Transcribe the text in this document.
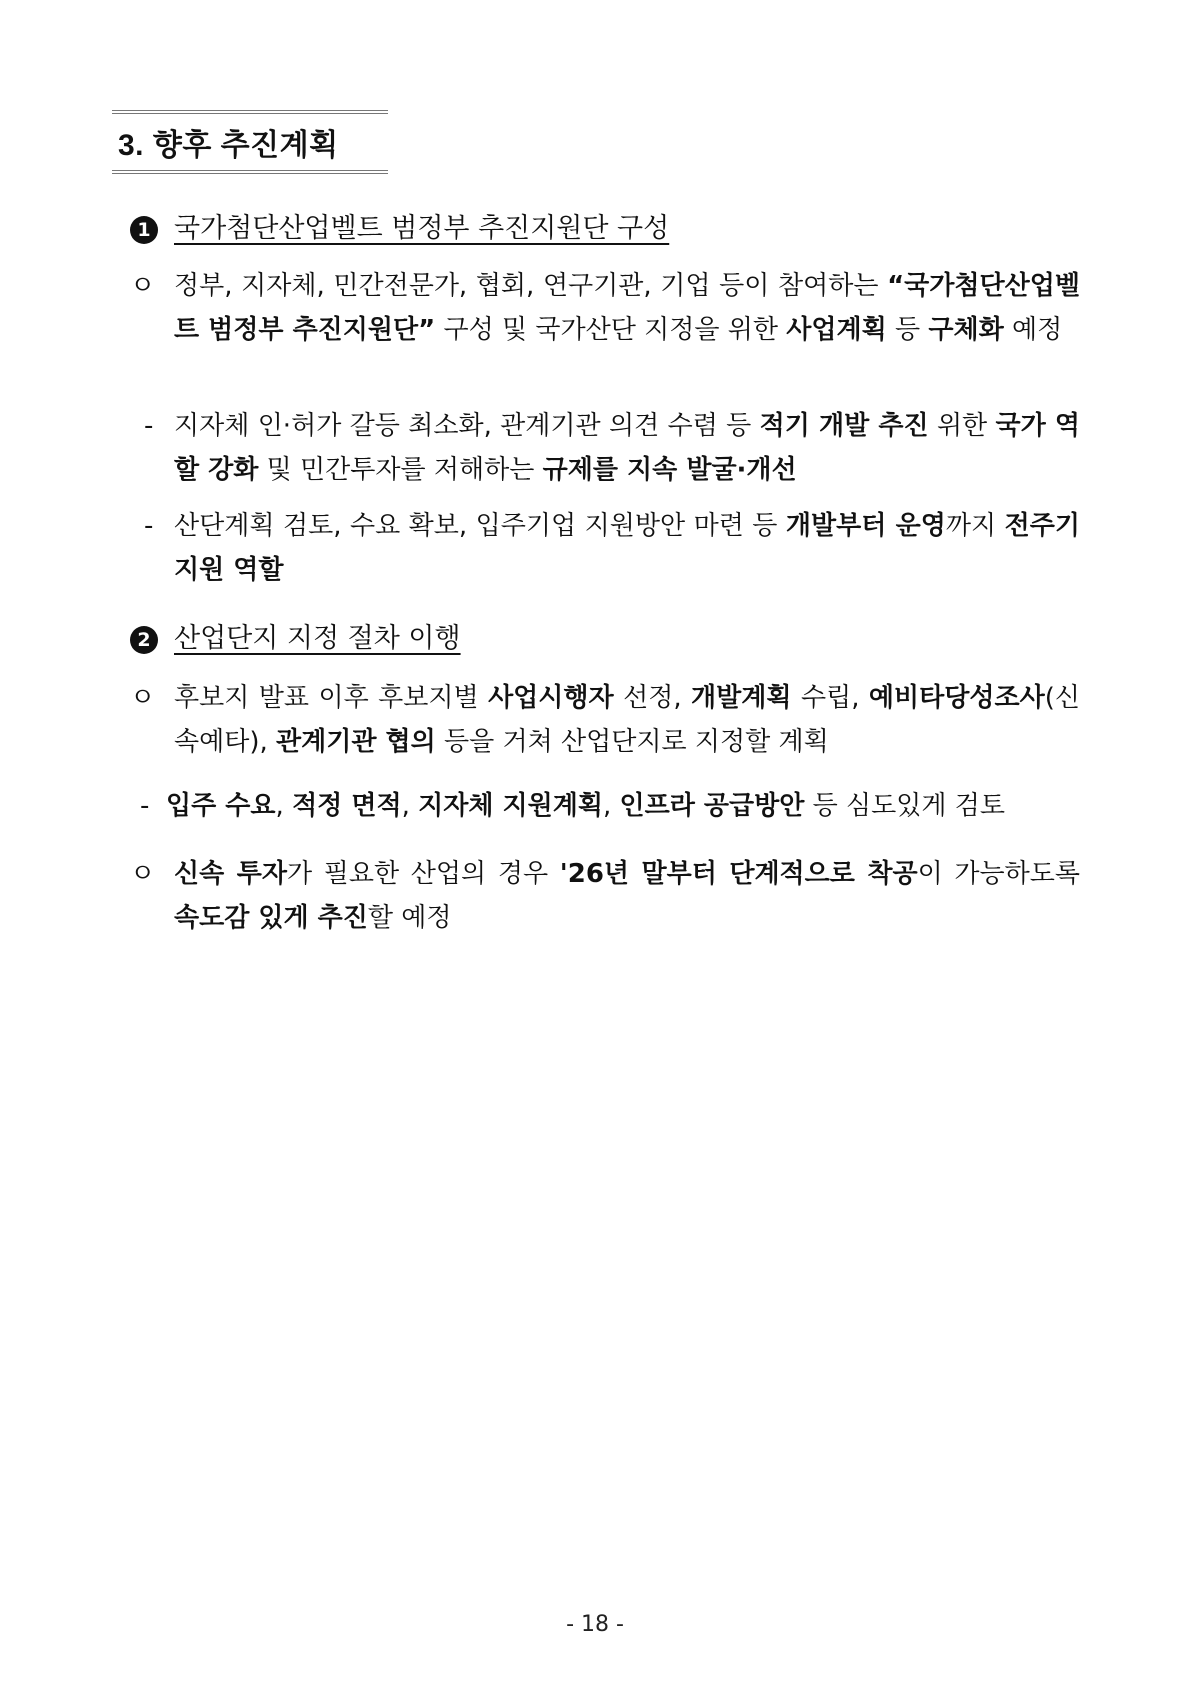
3. 향후 추진계획
1 국가첨단산업벨트 범정부 추진지원단 구성
ㅇ 정부, 지자체, 민간전문가, 협회, 연구기관, 기업 등이 참여하는 “국가첨단산업벨트 범정부 추진지원단” 구성 및 국가산단 지정을 위한 사업계획 등 구체화 예정
- 지자체 인·허가 갈등 최소화, 관계기관 의견 수렴 등 적기 개발 추진 위한 국가 역할 강화 및 민간투자를 저해하는 규제를 지속 발굴·개선
- 산단계획 검토, 수요 확보, 입주기업 지원방안 마련 등 개발부터 운영까지 전주기 지원 역할
2 산업단지 지정 절차 이행
ㅇ 후보지 발표 이후 후보지별 사업시행자 선정, 개발계획 수립, 예비타당성조사(신속예타), 관계기관 협의 등을 거쳐 산업단지로 지정할 계획
- 입주 수요, 적정 면적, 지자체 지원계획, 인프라 공급방안 등 심도있게 검토
ㅇ 신속 투자가 필요한 산업의 경우 '26년 말부터 단계적으로 착공이 가능하도록 속도감 있게 추진할 예정
- 18 -
